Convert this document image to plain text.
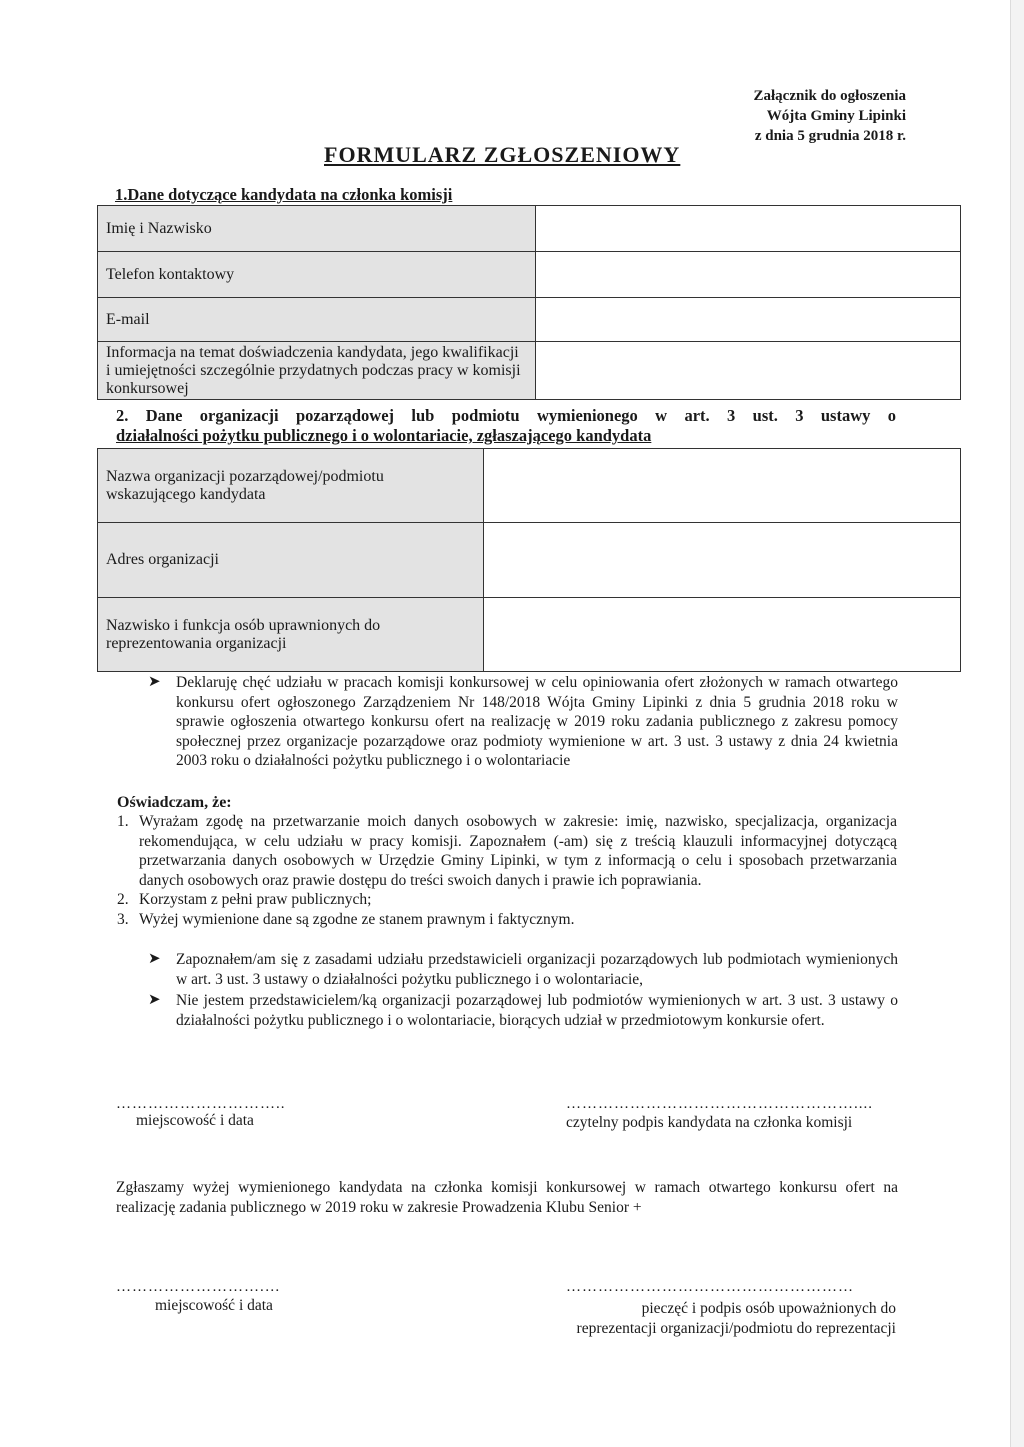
Załącznik do ogłoszenia
Wójta Gminy Lipinki
z dnia 5 grudnia 2018 r.
FORMULARZ ZGŁOSZENIOWY
1.Dane dotyczące kandydata na członka komisji
Imię i Nazwisko	
Telefon kontaktowy	
E-mail	
Informacja na temat doświadczenia kandydata, jego kwalifikacji i umiejętności szczególnie przydatnych podczas pracy w komisji konkursowej	
2. Dane organizacji pozarządowej lub podmiotu wymienionego w art. 3 ust. 3 ustawy o
działalności pożytku publicznego i o wolontariacie, zgłaszającego kandydata
Nazwa organizacji pozarządowej/podmiotu wskazującego kandydata	
Adres organizacji	
Nazwisko i funkcja osób uprawnionych do reprezentowania organizacji	
➤ Deklaruję chęć udziału w pracach komisji konkursowej w celu opiniowania ofert złożonych w ramach otwartego konkursu ofert ogłoszonego Zarządzeniem Nr 148/2018 Wójta Gminy Lipinki z dnia 5 grudnia 2018 roku w sprawie ogłoszenia otwartego konkursu ofert na realizację w 2019 roku zadania publicznego z zakresu pomocy społecznej przez organizacje pozarządowe oraz podmioty wymienione w art. 3 ust. 3 ustawy z dnia 24 kwietnia 2003 roku o działalności pożytku publicznego i o wolontariacie
Oświadczam, że:
1. Wyrażam zgodę na przetwarzanie moich danych osobowych w zakresie: imię, nazwisko, specjalizacja, organizacja rekomendująca, w celu udziału w pracy komisji. Zapoznałem (-am) się z treścią klauzuli informacyjnej dotyczącą przetwarzania danych osobowych w Urzędzie Gminy Lipinki, w tym z informacją o celu i sposobach przetwarzania danych osobowych oraz prawie dostępu do treści swoich danych i prawie ich poprawiania.
2. Korzystam z pełni praw publicznych;
3. Wyżej wymienione dane są zgodne ze stanem prawnym i faktycznym.
➤ Zapoznałem/am się z zasadami udziału przedstawicieli organizacji pozarządowych lub podmiotach wymienionych w art. 3 ust. 3 ustawy o działalności pożytku publicznego i o wolontariacie,
➤ Nie jestem przedstawicielem/ką organizacji pozarządowej lub podmiotów wymienionych w art. 3 ust. 3 ustawy o działalności pożytku publicznego i o wolontariacie, biorących udział w przedmiotowym konkursie ofert.
…………………………..
miejscowość i data
………………………………………………....
czytelny podpis kandydata na członka komisji
Zgłaszamy wyżej wymienionego kandydata na członka komisji konkursowej w ramach otwartego konkursu ofert na realizację zadania publicznego w 2019 roku w zakresie Prowadzenia Klubu Senior +
……………………….…
miejscowość i data
………………………………………………
pieczęć i podpis osób upoważnionych do
reprezentacji organizacji/podmiotu do reprezentacji
